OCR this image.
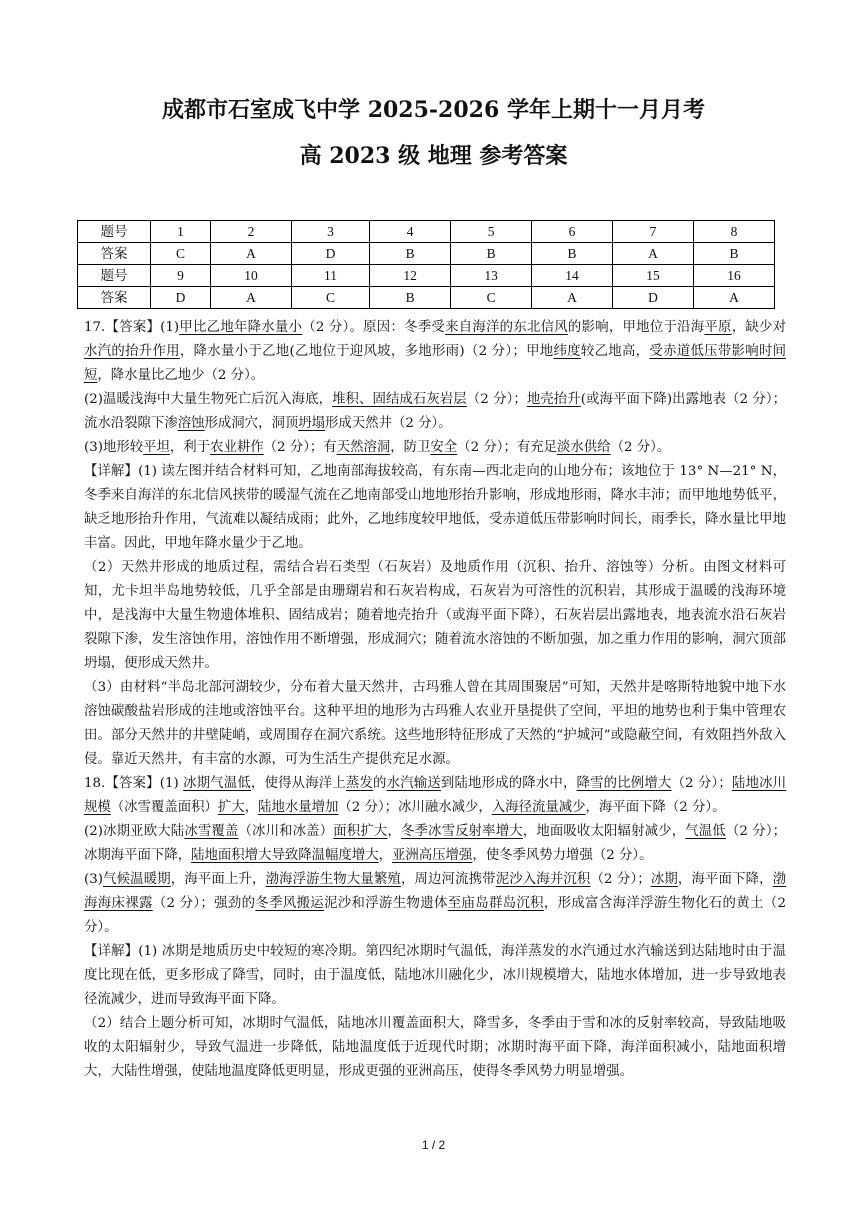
成都市石室成飞中学 2025-2026 学年上期十一月月考
高 2023 级 地理 参考答案
题号	1	2	3	4	5	6	7	8
答案	C	A	D	B	B	B	A	B
题号	9	10	11	12	13	14	15	16
答案	D	A	C	B	C	A	D	A

17.【答案】(1)甲比乙地年降水量小（2 分）。原因：冬季受来自海洋的东北信风的影响，甲地位于沿海平原，缺少对水汽的抬升作用，降水量小于乙地(乙地位于迎风坡，多地形雨)（2 分）；甲地纬度较乙地高，受赤道低压带影响时间短，降水量比乙地少（2 分）。

(2)温暖浅海中大量生物死亡后沉入海底，堆积、固结成石灰岩层（2 分）；地壳抬升(或海平面下降)出露地表（2 分）；流水沿裂隙下渗溶蚀形成洞穴，洞顶坍塌形成天然井（2 分）。

(3)地形较平坦，利于农业耕作（2 分）；有天然溶洞，防卫安全（2 分）；有充足淡水供给（2 分）。

【详解】(1) 读左图并结合材料可知，乙地南部海拔较高，有东南—西北走向的山地分布；该地位于 13° N—21° N，冬季来自海洋的东北信风挟带的暖湿气流在乙地南部受山地地形抬升影响，形成地形雨，降水丰沛；而甲地地势低平，缺乏地形抬升作用，气流难以凝结成雨；此外，乙地纬度较甲地低，受赤道低压带影响时间长，雨季长，降水量比甲地丰富。因此，甲地年降水量少于乙地。

（2）天然井形成的地质过程，需结合岩石类型（石灰岩）及地质作用（沉积、抬升、溶蚀等）分析。由图文材料可知，尤卡坦半岛地势较低，几乎全部是由珊瑚岩和石灰岩构成，石灰岩为可溶性的沉积岩，其形成于温暖的浅海环境中，是浅海中大量生物遗体堆积、固结成岩；随着地壳抬升（或海平面下降），石灰岩层出露地表，地表流水沿石灰岩裂隙下渗，发生溶蚀作用，溶蚀作用不断增强，形成洞穴；随着流水溶蚀的不断加强，加之重力作用的影响，洞穴顶部坍塌，便形成天然井。

（3）由材料“半岛北部河湖较少，分布着大量天然井，古玛雅人曾在其周围聚居”可知，天然井是喀斯特地貌中地下水溶蚀碳酸盐岩形成的洼地或溶蚀平台。这种平坦的地形为古玛雅人农业开垦提供了空间，平坦的地势也利于集中管理农田。部分天然井的井壁陡峭，或周围存在洞穴系统。这些地形特征形成了天然的“护城河”或隐蔽空间，有效阻挡外敌入侵。靠近天然井，有丰富的水源，可为生活生产提供充足水源。

18.【答案】(1) 冰期气温低，使得从海洋上蒸发的水汽输送到陆地形成的降水中，降雪的比例增大（2 分）；陆地冰川规模（冰雪覆盖面积）扩大，陆地水量增加（2 分）；冰川融水减少，入海径流量减少，海平面下降（2 分）。

(2)冰期亚欧大陆冰雪覆盖（冰川和冰盖）面积扩大，冬季冰雪反射率增大，地面吸收太阳辐射减少，气温低（2 分）；冰期海平面下降，陆地面积增大导致降温幅度增大，亚洲高压增强，使冬季风势力增强（2 分）。

(3)气候温暖期，海平面上升，渤海浮游生物大量繁殖，周边河流携带泥沙入海并沉积（2 分）；冰期，海平面下降，渤海海床裸露（2 分）；强劲的冬季风搬运泥沙和浮游生物遗体至庙岛群岛沉积，形成富含海洋浮游生物化石的黄土（2 分）。

【详解】(1) 冰期是地质历史中较短的寒冷期。第四纪冰期时气温低，海洋蒸发的水汽通过水汽输送到达陆地时由于温度比现在低，更多形成了降雪，同时，由于温度低，陆地冰川融化少，冰川规模增大，陆地水体增加，进一步导致地表径流减少，进而导致海平面下降。

（2）结合上题分析可知，冰期时气温低，陆地冰川覆盖面积大，降雪多，冬季由于雪和冰的反射率较高，导致陆地吸收的太阳辐射少，导致气温进一步降低，陆地温度低于近现代时期；冰期时海平面下降，海洋面积减小，陆地面积增大，大陆性增强，使陆地温度降低更明显，形成更强的亚洲高压，使得冬季风势力明显增强。

1 / 2
